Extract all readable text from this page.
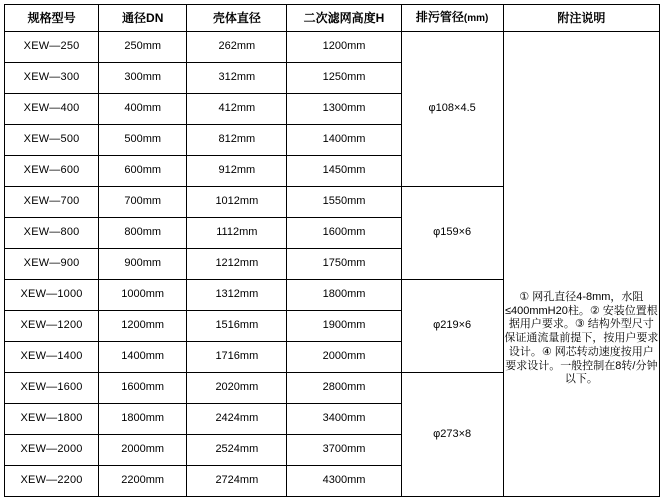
规格型号	通径DN	壳体直径	二次滤网高度H	排污管径(mm)	附注说明
XEW—250	250mm	262mm	1200mm	φ108×4.5	① 网孔直径4-8mm，水阻≤400mmH20柱。② 安装位置根据用户要求。③ 结构外型尺寸保证通流量前提下，按用户要求设计。④ 网芯转动速度按用户要求设计。一般控制在8转/分钟以下。

XEW—300	300mm	312mm	1250mm		
XEW—400	400mm	412mm	1300mm		
XEW—500	500mm	812mm	1400mm		
XEW—600	600mm	912mm	1450mm		
XEW—700	700mm	1012mm	1550mm	φ159×6	
XEW—800	800mm	1112mm	1600mm		
XEW—900	900mm	1212mm	1750mm		
XEW—1000	1000mm	1312mm	1800mm	φ219×6	
XEW—1200	1200mm	1516mm	1900mm		
XEW—1400	1400mm	1716mm	2000mm		
XEW—1600	1600mm	2020mm	2800mm	φ273×8	
XEW—1800	1800mm	2424mm	3400mm		
XEW—2000	2000mm	2524mm	3700mm		
XEW—2200	2200mm	2724mm	4300mm		
